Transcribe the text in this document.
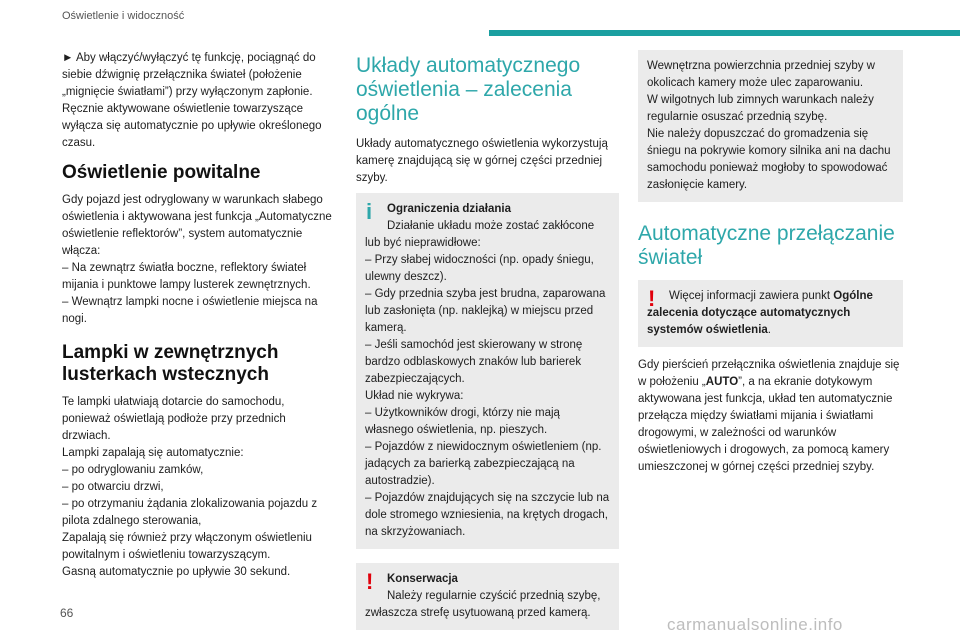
Oświetlenie i widoczność

► Aby włączyć/wyłączyć tę funkcję, pociągnąć do siebie dźwignię przełącznika świateł (położenie „mignięcie światłami”) przy wyłączonym zapłonie. Ręcznie aktywowane oświetlenie towarzyszące wyłącza się automatycznie po upływie określonego czasu.

Oświetlenie powitalne

Gdy pojazd jest odryglowany w warunkach słabego oświetlenia i aktywowana jest funkcja „Automatyczne oświetlenie reflektorów”, system automatycznie włącza:

– Na zewnątrz światła boczne, reflektory świateł mijania i punktowe lampy lusterek zewnętrznych.
– Wewnątrz lampki nocne i oświetlenie miejsca na nogi.
Lampki w zewnętrznych lusterkach wstecznych
Te lampki ułatwiają dotarcie do samochodu, ponieważ oświetlają podłoże przy przednich drzwiach.
Lampki zapalają się automatycznie:
– po odryglowaniu zamków,
– po otwarciu drzwi,
– po otrzymaniu żądania zlokalizowania pojazdu z pilota zdalnego sterowania,
Zapalają się również przy włączonym oświetleniu powitalnym i oświetleniu towarzyszącym.
Gasną automatycznie po upływie 30 sekund.
Układy automatycznego oświetlenia – zalecenia ogólne

Układy automatycznego oświetlenia wykorzystują kamerę znajdującą się w górnej części przedniej szyby.

i	Ograniczenia działania
Działanie układu może zostać zakłócone lub być nieprawidłowe:
– Przy słabej widoczności (np. opady śniegu, ulewny deszcz).
– Gdy przednia szyba jest brudna, zaparowana lub zasłonięta (np. naklejką) w miejscu przed kamerą.
– Jeśli samochód jest skierowany w stronę bardzo odblaskowych znaków lub barierek zabezpieczających.
Układ nie wykrywa:
– Użytkowników drogi, którzy nie mają własnego oświetlenia, np. pieszych.
– Pojazdów z niewidocznym oświetleniem (np. jadących za barierką zabezpieczającą na autostradzie).
– Pojazdów znajdujących się na szczycie lub na dole stromego wzniesienia, na krętych drogach, na skrzyżowaniach.
!	Konserwacja
Należy regularnie czyścić przednią szybę, zwłaszcza strefę usytuowaną przed kamerą.
Wewnętrzna powierzchnia przedniej szyby w okolicach kamery może ulec zaparowaniu.
W wilgotnych lub zimnych warunkach należy regularnie osuszać przednią szybę.
Nie należy dopuszczać do gromadzenia się śniegu na pokrywie komory silnika ani na dachu samochodu ponieważ mogłoby to spowodować zasłonięcie kamery.
Automatyczne przełączanie świateł
!	Więcej informacji zawiera punkt Ogólne zalecenia dotyczące automatycznych systemów oświetlenia.

Gdy pierścień przełącznika oświetlenia znajduje się w położeniu „AUTO”, a na ekranie dotykowym aktywowana jest funkcja, układ ten automatycznie przełącza między światłami mijania i światłami drogowymi, w zależności od warunków oświetleniowych i drogowych, za pomocą kamery umieszczonej w górnej części przedniej szyby.

66
carmanualsonline.info
